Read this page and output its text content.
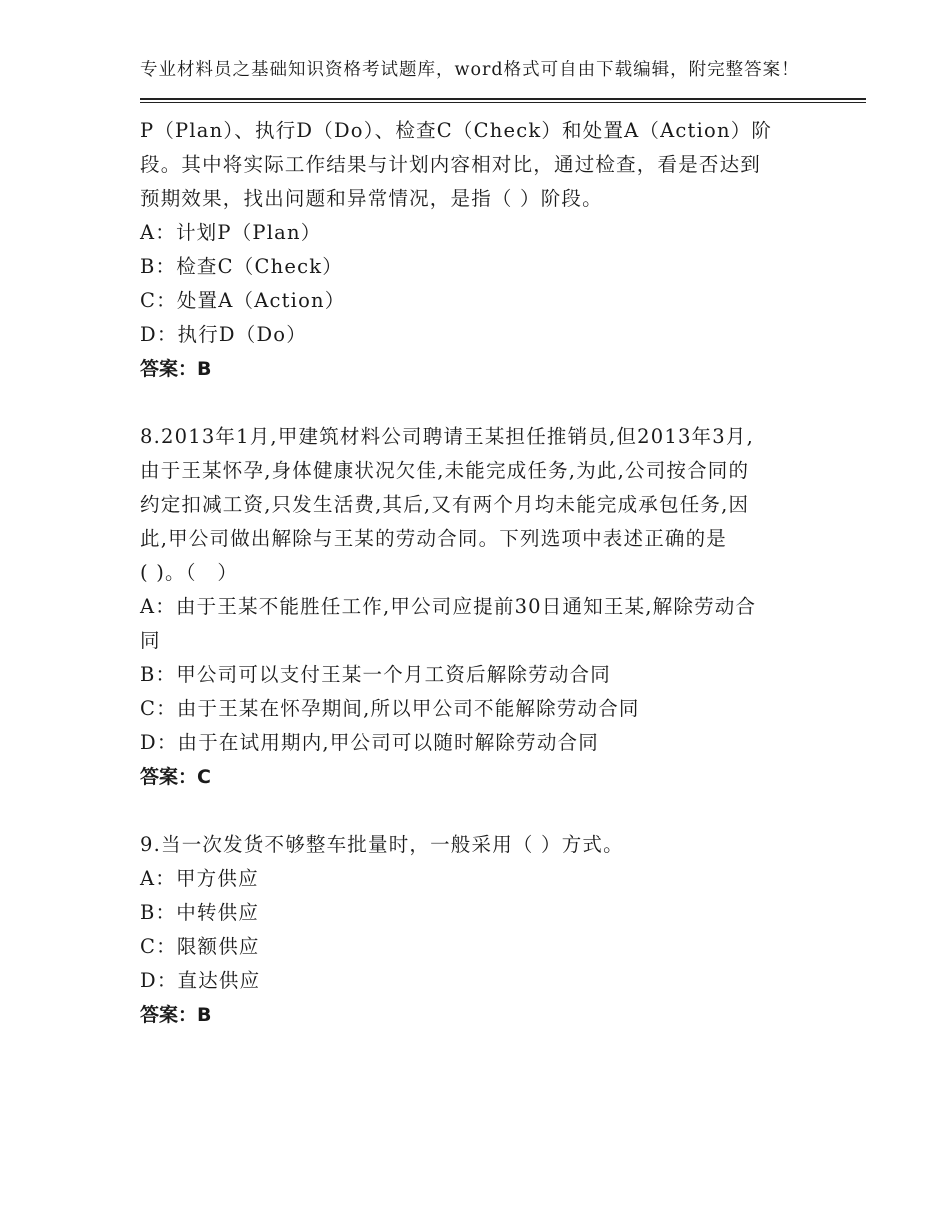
专业材料员之基础知识资格考试题库，word格式可自由下载编辑，附完整答案！
P（Plan）、执行D（Do）、检查C（Check）和处置A（Action）阶
段。其中将实际工作结果与计划内容相对比，通过检查，看是否达到
预期效果，找出问题和异常情况，是指（ ）阶段。
A：计划P（Plan）
B：检查C（Check）
C：处置A（Action）
D：执行D（Do）
答案：B
8.2013年1月,甲建筑材料公司聘请王某担任推销员,但2013年3月,
由于王某怀孕,身体健康状况欠佳,未能完成任务,为此,公司按合同的
约定扣减工资,只发生活费,其后,又有两个月均未能完成承包任务,因
此,甲公司做出解除与王某的劳动合同。下列选项中表述正确的是
( )。（　）
A：由于王某不能胜任工作,甲公司应提前30日通知王某,解除劳动合
同
B：甲公司可以支付王某一个月工资后解除劳动合同
C：由于王某在怀孕期间,所以甲公司不能解除劳动合同
D：由于在试用期内,甲公司可以随时解除劳动合同
答案：C
9.当一次发货不够整车批量时，一般采用（ ）方式。
A：甲方供应
B：中转供应
C：限额供应
D：直达供应
答案：B
